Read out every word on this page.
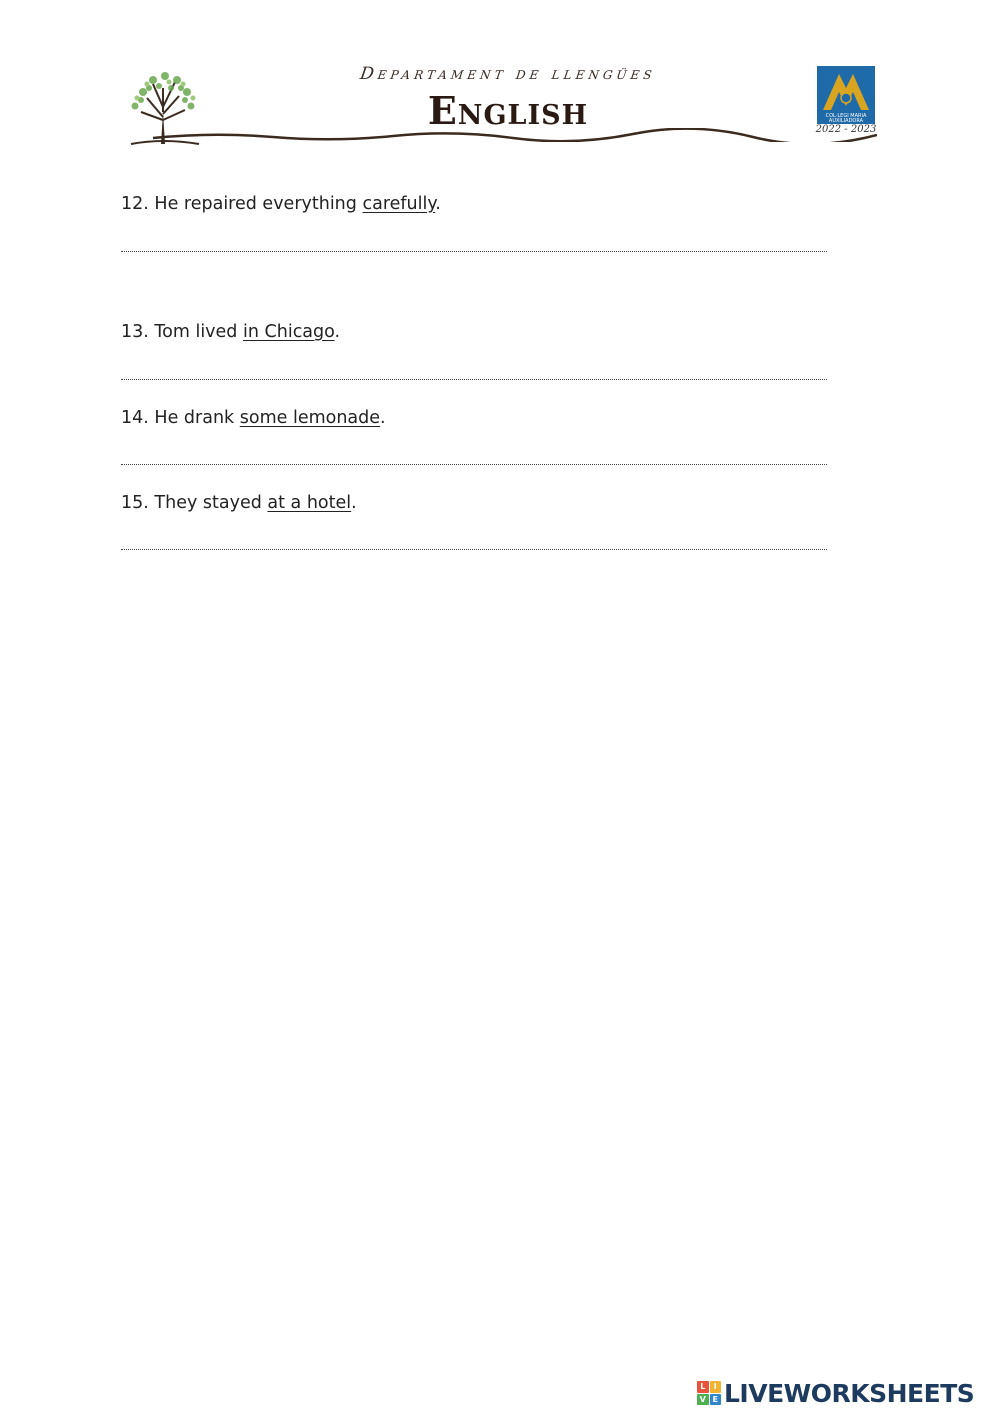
Departament de llengües
English	COL·LEGI MARIA
AUXILIADORA
2022 - 2023
12. He repaired everything carefully.
13. Tom lived in Chicago.
14. He drank some lemonade.
15. They stayed at a hotel.
L	I
V E LIVEWORKSHEETS
